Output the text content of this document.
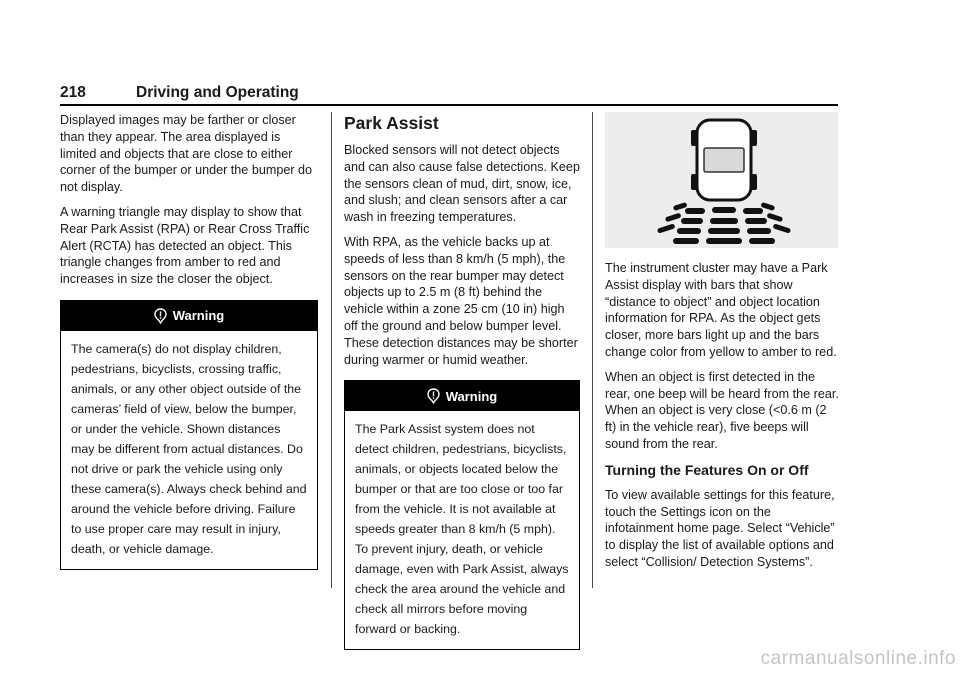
218	Driving and Operating

Displayed images may be farther or closer than they appear. The area displayed is limited and objects that are close to either corner of the bumper or under the bumper do not display.

A warning triangle may display to show that Rear Park Assist (RPA) or Rear Cross Traffic Alert (RCTA) has detected an object. This triangle changes from amber to red and increases in size the closer the object.

Warning
The camera(s) do not display children, pedestrians, bicyclists, crossing traffic, animals, or any other object outside of the cameras’ field of view, below the bumper, or under the vehicle. Shown distances may be different from actual distances. Do not drive or park the vehicle using only these camera(s). Always check behind and around the vehicle before driving. Failure to use proper care may result in injury, death, or vehicle damage.
Park Assist

Blocked sensors will not detect objects and can also cause false detections. Keep the sensors clean of mud, dirt, snow, ice, and slush; and clean sensors after a car wash in freezing temperatures.

With RPA, as the vehicle backs up at speeds of less than 8 km/h (5 mph), the sensors on the rear bumper may detect objects up to 2.5 m (8 ft) behind the vehicle within a zone 25 cm (10 in) high off the ground and below bumper level. These detection distances may be shorter during warmer or humid weather.

Warning
The Park Assist system does not detect children, pedestrians, bicyclists, animals, or objects located below the bumper or that are too close or too far from the vehicle. It is not available at speeds greater than 8 km/h (5 mph). To prevent injury, death, or vehicle damage, even with Park Assist, always check the area around the vehicle and check all mirrors before moving forward or backing.

The instrument cluster may have a Park Assist display with bars that show “distance to object” and object location information for RPA. As the object gets closer, more bars light up and the bars change color from yellow to amber to red.

When an object is first detected in the rear, one beep will be heard from the rear. When an object is very close (<0.6 m (2 ft) in the vehicle rear), five beeps will sound from the rear.

Turning the Features On or Off

To view available settings for this feature, touch the Settings icon on the infotainment home page. Select “Vehicle” to display the list of available options and select “Collision/ Detection Systems”.

carmanualsonline.info
